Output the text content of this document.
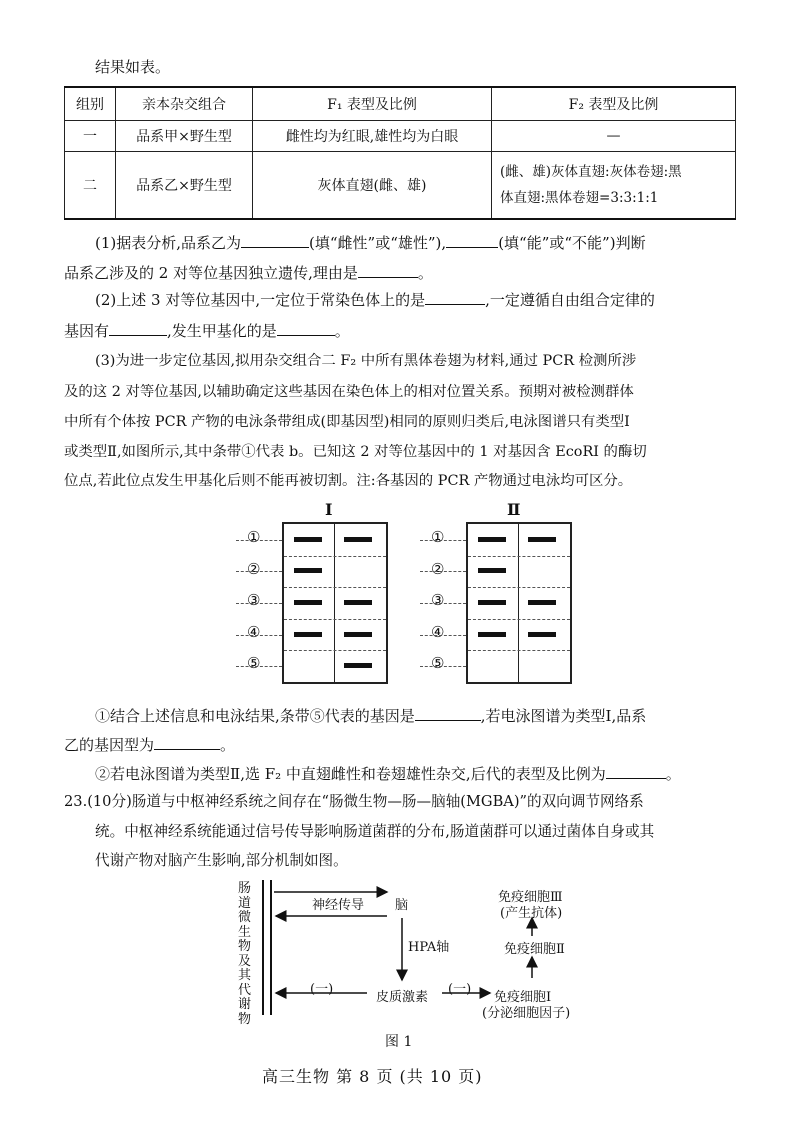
结果如表。
组别	亲本杂交组合	F₁ 表型及比例	F₂ 表型及比例
一	品系甲×野生型	雌性均为红眼,雄性均为白眼	—
二	品系乙×野生型	灰体直翅(雌、雄)	(雌、雄)灰体直翅:灰体卷翅:黑
体直翅:黑体卷翅=3:3:1:1
(1)据表分析,品系乙为	(填“雌性”或“雄性”),	(填“能”或“不能”)判断
品系乙涉及的 2 对等位基因独立遗传,理由是	。
(2)上述 3 对等位基因中,一定位于常染色体上的是	,一定遵循自由组合定律的
基因有	,发生甲基化的是	。
(3)为进一步定位基因,拟用杂交组合二 F₂ 中所有黑体卷翅为材料,通过 PCR 检测所涉
及的这 2 对等位基因,以辅助确定这些基因在染色体上的相对位置关系。预期对被检测群体
中所有个体按 PCR 产物的电泳条带组成(即基因型)相同的原则归类后,电泳图谱只有类型Ⅰ
或类型Ⅱ,如图所示,其中条带①代表 b。已知这 2 对等位基因中的 1 对基因含 EcoRI 的酶切
位点,若此位点发生甲基化后则不能再被切割。注:各基因的 PCR 产物通过电泳均可区分。
Ⅰ	Ⅱ
①
②
③
④
⑤
①
②
③
④
⑤
①结合上述信息和电泳结果,条带⑤代表的基因是	,若电泳图谱为类型Ⅰ,品系
乙的基因型为	。
②若电泳图谱为类型Ⅱ,选 F₂ 中直翅雌性和卷翅雄性杂交,后代的表型及比例为	。
23.(10分)肠道与中枢神经系统之间存在“肠微生物—肠—脑轴(MGBA)”的双向调节网络系
统。中枢神经系统能通过信号传导影响肠道菌群的分布,肠道菌群可以通过菌体自身或其
代谢产物对脑产生影响,部分机制如图。
肠道微生物及其代谢物
神经传导 脑
HPA轴
皮质激素
(一)	(一)
免疫细胞Ⅰ
(分泌细胞因子)
免疫细胞Ⅱ
免疫细胞Ⅲ
(产生抗体)
图 1
高三生物 第 8 页 (共 10 页)
